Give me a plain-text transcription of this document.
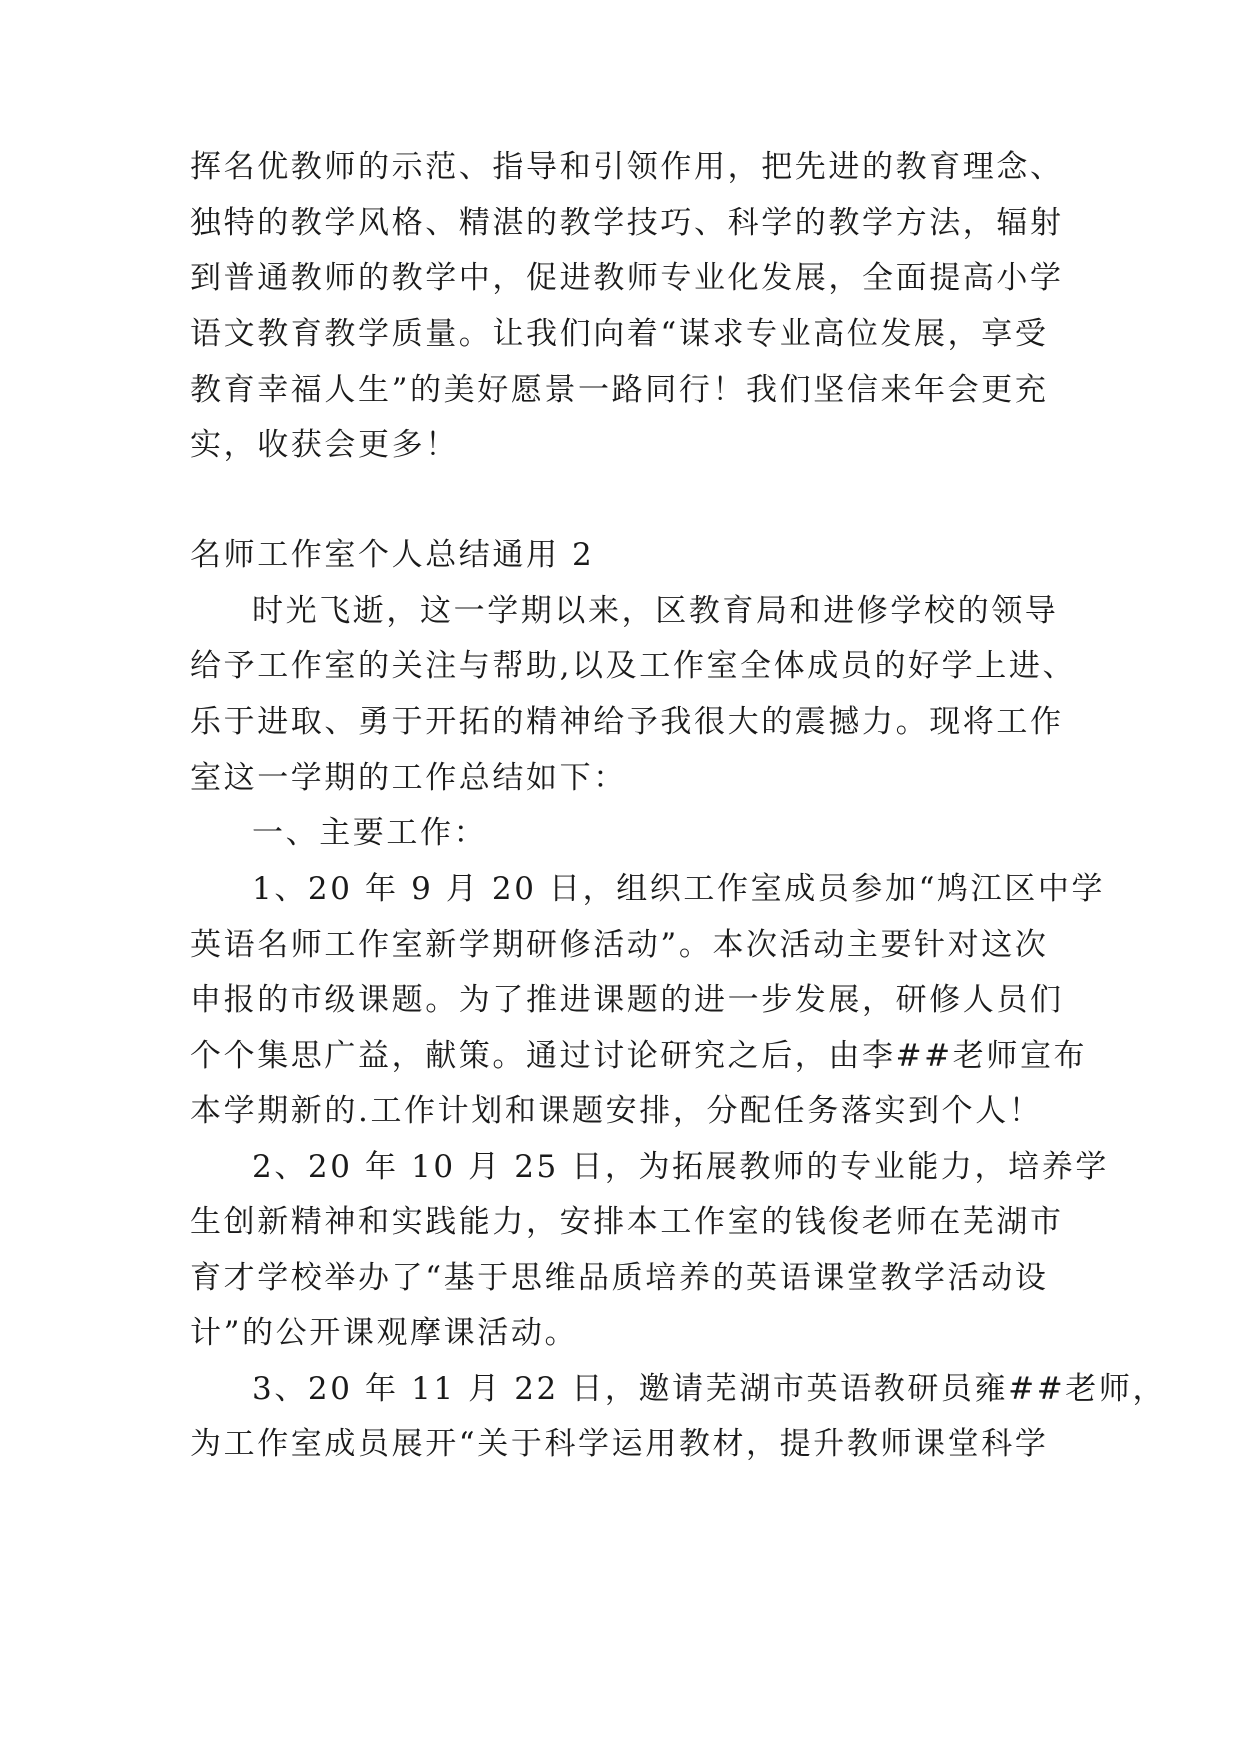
挥名优教师的示范、指导和引领作用，把先进的教育理念、
独特的教学风格、精湛的教学技巧、科学的教学方法，辐射
到普通教师的教学中，促进教师专业化发展，全面提高小学
语文教育教学质量。让我们向着“谋求专业高位发展，享受
教育幸福人生”的美好愿景一路同行！我们坚信来年会更充
实，收获会更多！
名师工作室个人总结通用 2
时光飞逝，这一学期以来，区教育局和进修学校的领导
给予工作室的关注与帮助,以及工作室全体成员的好学上进、
乐于进取、勇于开拓的精神给予我很大的震撼力。现将工作
室这一学期的工作总结如下：
一、主要工作：
1、20 年 9 月 20 日，组织工作室成员参加“鸠江区中学
英语名师工作室新学期研修活动”。本次活动主要针对这次
申报的市级课题。为了推进课题的进一步发展，研修人员们
个个集思广益，献策。通过讨论研究之后，由李##老师宣布
本学期新的.工作计划和课题安排，分配任务落实到个人！
2、20 年 10 月 25 日，为拓展教师的专业能力，培养学
生创新精神和实践能力，安排本工作室的钱俊老师在芜湖市
育才学校举办了“基于思维品质培养的英语课堂教学活动设
计”的公开课观摩课活动。
3、20 年 11 月 22 日，邀请芜湖市英语教研员雍##老师，
为工作室成员展开“关于科学运用教材，提升教师课堂科学
